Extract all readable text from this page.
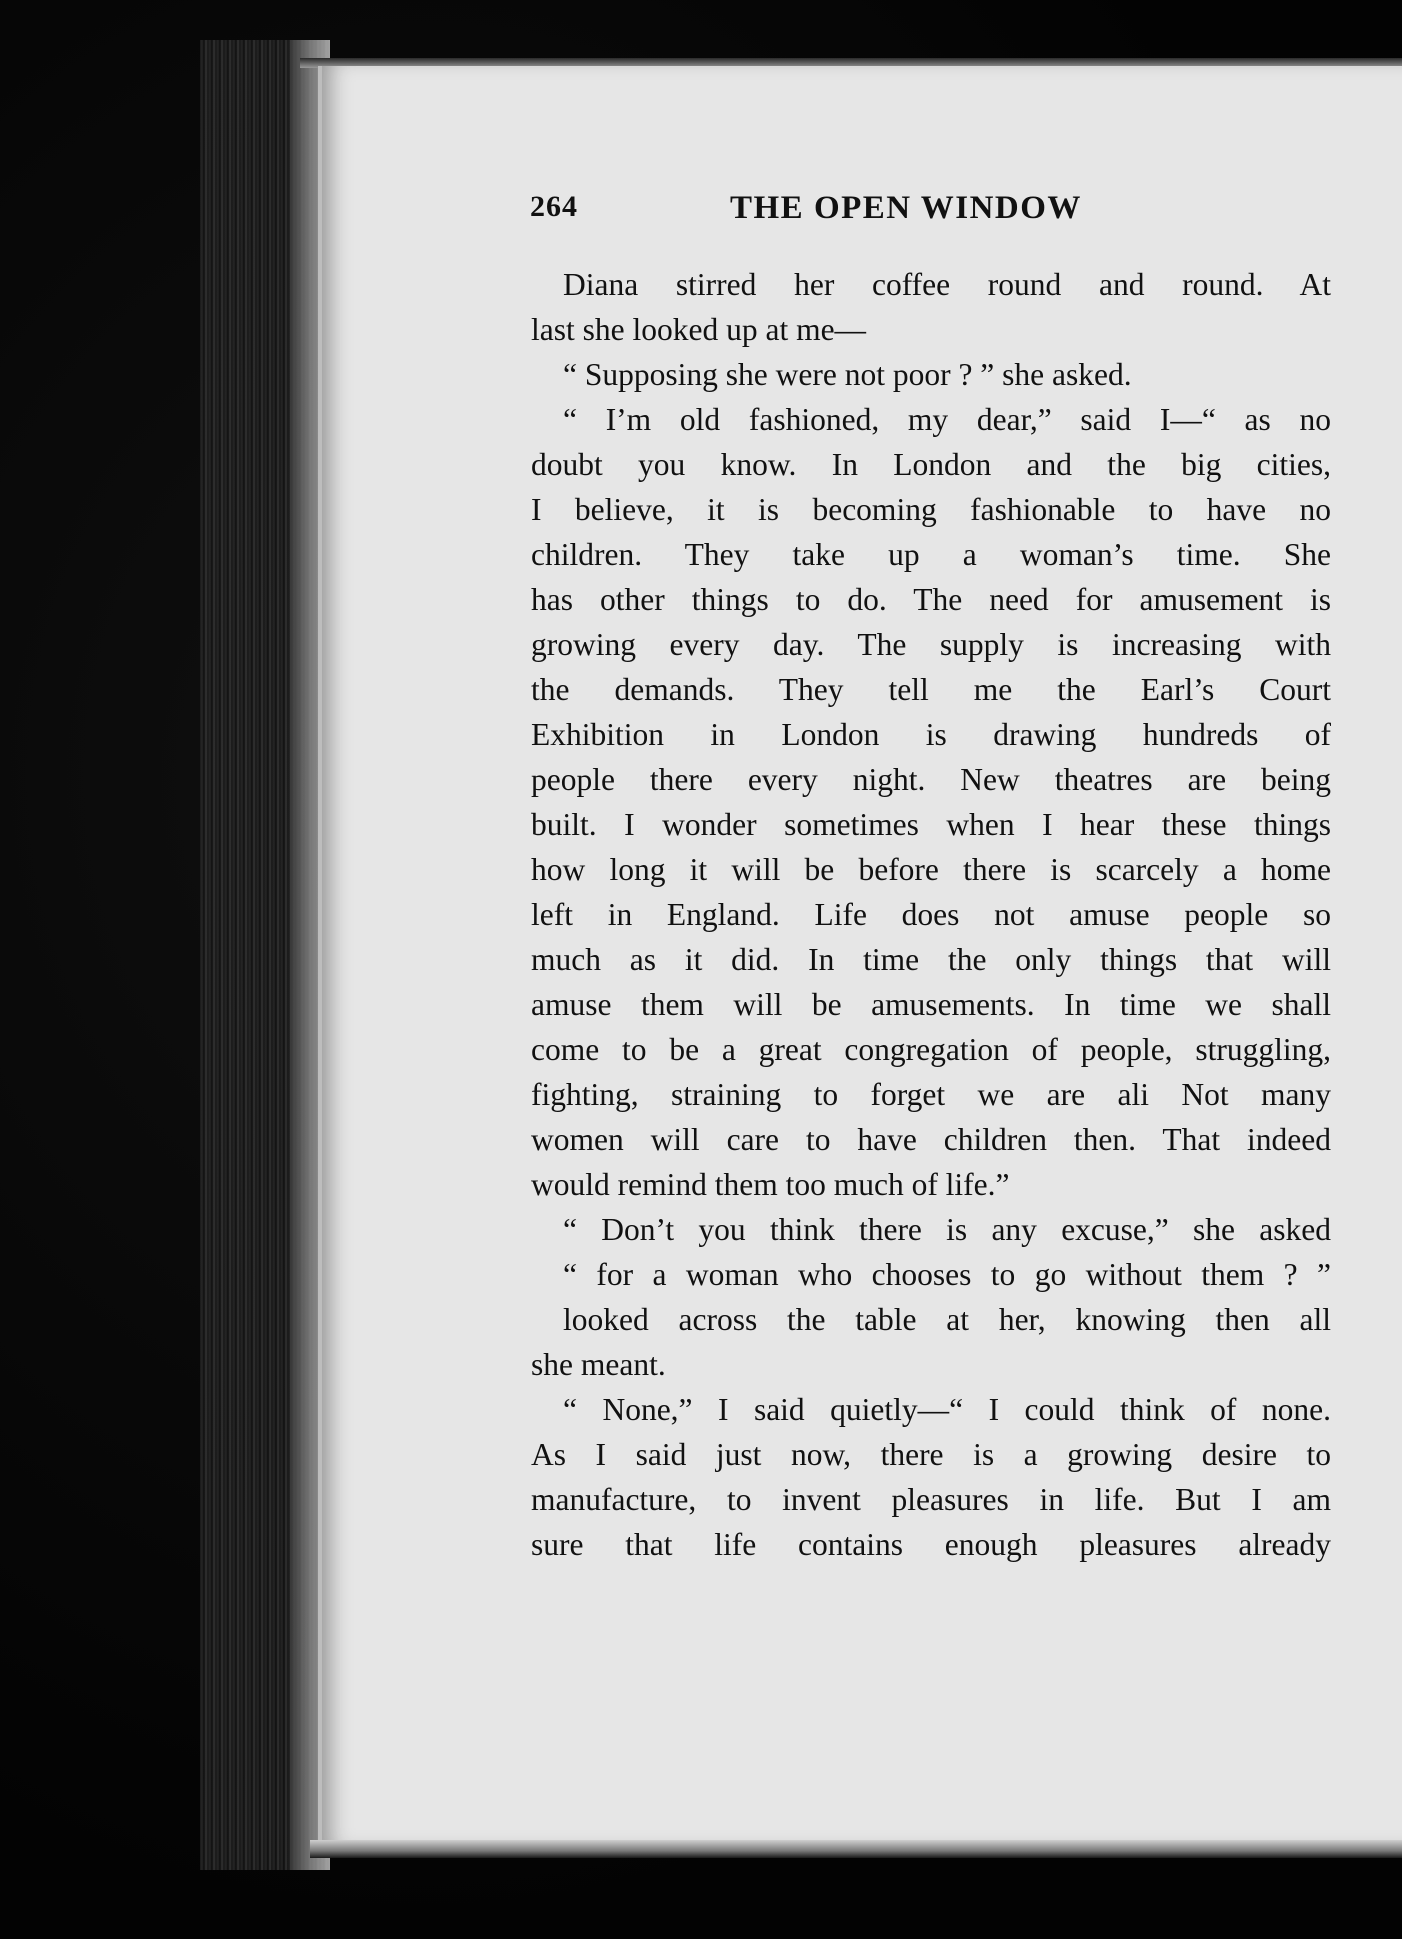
264	THE OPEN WINDOW
Diana stirred her coffee round and round. At
last she looked up at me—
“ Supposing she were not poor ? ” she asked.
“ I’m old fashioned, my dear,” said I—“ as no
doubt you know. In London and the big cities,
I believe, it is becoming fashionable to have no
children. They take up a woman’s time. She
has other things to do. The need for amusement is
growing every day. The supply is increasing with
the demands. They tell me the Earl’s Court
Exhibition in London is drawing hundreds of
people there every night. New theatres are being
built. I wonder sometimes when I hear these things
how long it will be before there is scarcely a home
left in England. Life does not amuse people so
much as it did. In time the only things that will
amuse them will be amusements. In time we shall
come to be a great congregation of people, struggling,
fighting, straining to forget we are ali Not many
women will care to have children then. That indeed
would remind them too much of life.”
“ Don’t you think there is any excuse,” she asked
“ for a woman who chooses to go without them ? ”
looked across the table at her, knowing then all
she meant.
“ None,” I said quietly—“ I could think of none.
As I said just now, there is a growing desire to
manufacture, to invent pleasures in life. But I am
sure that life contains enough pleasures already
